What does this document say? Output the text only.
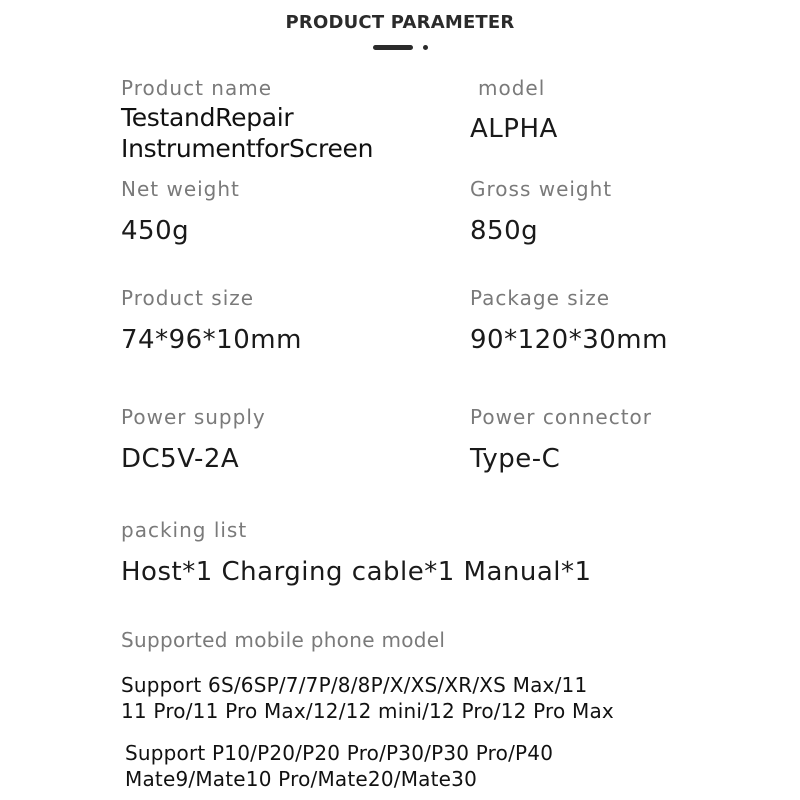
PRODUCT PARAMETER
Product name
TestandRepair
InstrumentforScreen
model
ALPHA
Net weight
450g
Gross weight
850g
Product size
74*96*10mm
Package size
90*120*30mm
Power supply
DC5V-2A
Power connector
Type-C
packing list
Host*1 Charging cable*1 Manual*1
Supported mobile phone model
Support 6S/6SP/7/7P/8/8P/X/XS/XR/XS Max/11
11 Pro/11 Pro Max/12/12 mini/12 Pro/12 Pro Max
Support P10/P20/P20 Pro/P30/P30 Pro/P40
Mate9/Mate10 Pro/Mate20/Mate30
